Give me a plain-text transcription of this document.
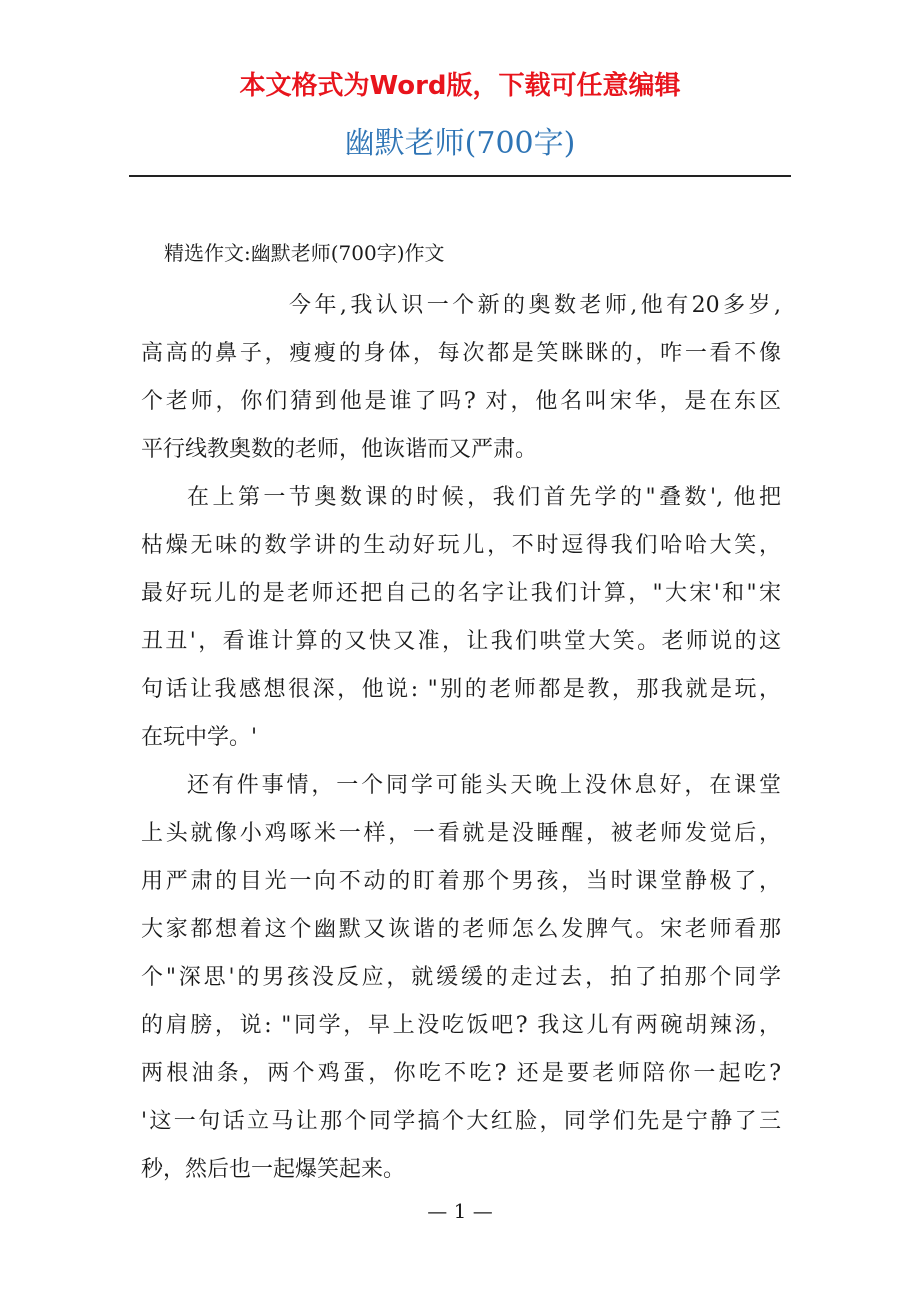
本文格式为Word版，下载可任意编辑
幽默老师(700字)
精选作文:幽默老师(700字)作文
今年,我认识一个新的奥数老师,他有20多岁,
高高的鼻子，瘦瘦的身体，每次都是笑眯眯的，咋一看不像
个老师，你们猜到他是谁了吗? 对，他名叫宋华，是在东区
平行线教奥数的老师，他诙谐而又严肃。
在上第一节奥数课的时候，我们首先学的"叠数', 他把
枯燥无味的数学讲的生动好玩儿，不时逗得我们哈哈大笑，
最好玩儿的是老师还把自己的名字让我们计算，"大宋'和"宋
丑丑'，看谁计算的又快又准，让我们哄堂大笑。老师说的这
句话让我感想很深，他说: "别的老师都是教，那我就是玩，
在玩中学。'
还有件事情，一个同学可能头天晚上没休息好，在课堂
上头就像小鸡啄米一样，一看就是没睡醒，被老师发觉后，
用严肃的目光一向不动的盯着那个男孩，当时课堂静极了，
大家都想着这个幽默又诙谐的老师怎么发脾气。宋老师看那
个"深思'的男孩没反应，就缓缓的走过去，拍了拍那个同学
的肩膀，说: "同学，早上没吃饭吧? 我这儿有两碗胡辣汤，
两根油条，两个鸡蛋，你吃不吃? 还是要老师陪你一起吃?
'这一句话立马让那个同学搞个大红脸，同学们先是宁静了三
秒，然后也一起爆笑起来。
— 1 —
